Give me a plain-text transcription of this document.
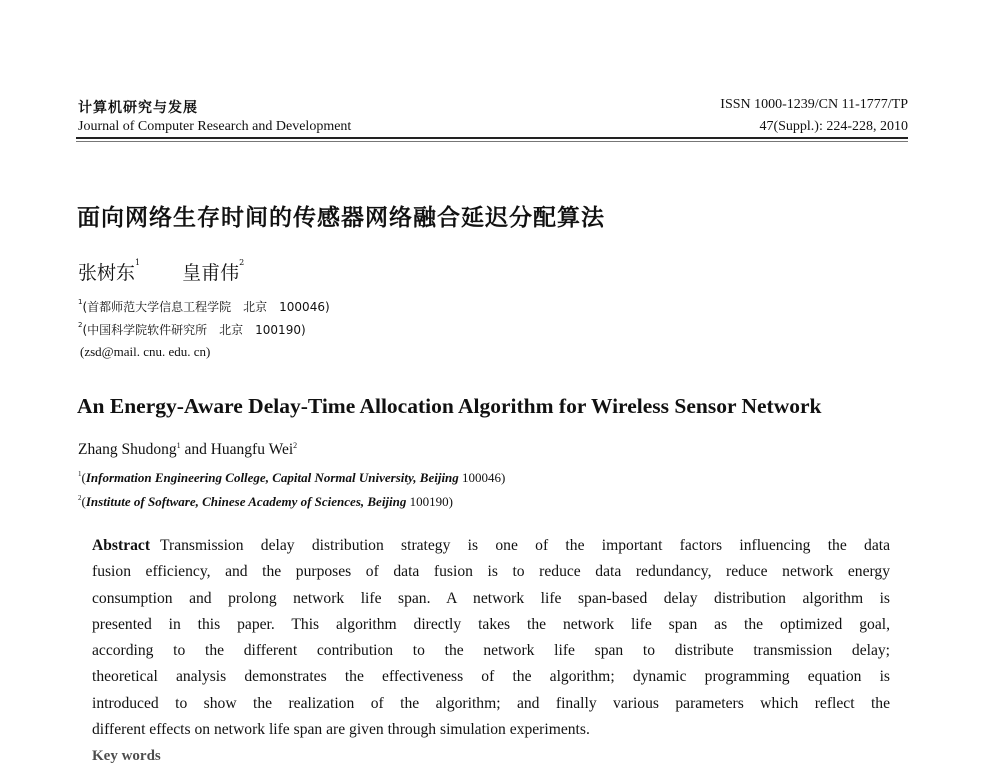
计算机研究与发展
Journal of Computer Research and Development
ISSN 1000-1239/CN 11-1777/TP
47(Suppl.): 224-228, 2010
面向网络生存时间的传感器网络融合延迟分配算法
张树东$^1$ 皇甫伟$^2$
$^1$(首都师范大学信息工程学院　北京　100046)
$^2$(中国科学院软件研究所　北京　100190)
(zsd@mail. cnu. edu. cn)
An Energy-Aware Delay-Time Allocation Algorithm for Wireless Sensor Network
Zhang Shudong$^1$ and Huangfu Wei$^2$
$^1$(Information Engineering College, Capital Normal University, Beijing 100046)
$^2$(Institute of Software, Chinese Academy of Sciences, Beijing 100190)
Abstract Transmission delay distribution strategy is one of the important factors influencing the data
fusion efficiency, and the purposes of data fusion is to reduce data redundancy, reduce network energy
consumption and prolong network life span. A network life span-based delay distribution algorithm is
presented in this paper. This algorithm directly takes the network life span as the optimized goal,
according to the different contribution to the network life span to distribute transmission delay;
theoretical analysis demonstrates the effectiveness of the algorithm; dynamic programming equation is
introduced to show the realization of the algorithm; and finally various parameters which reflect the
different effects on network life span are given through simulation experiments.
Key words
